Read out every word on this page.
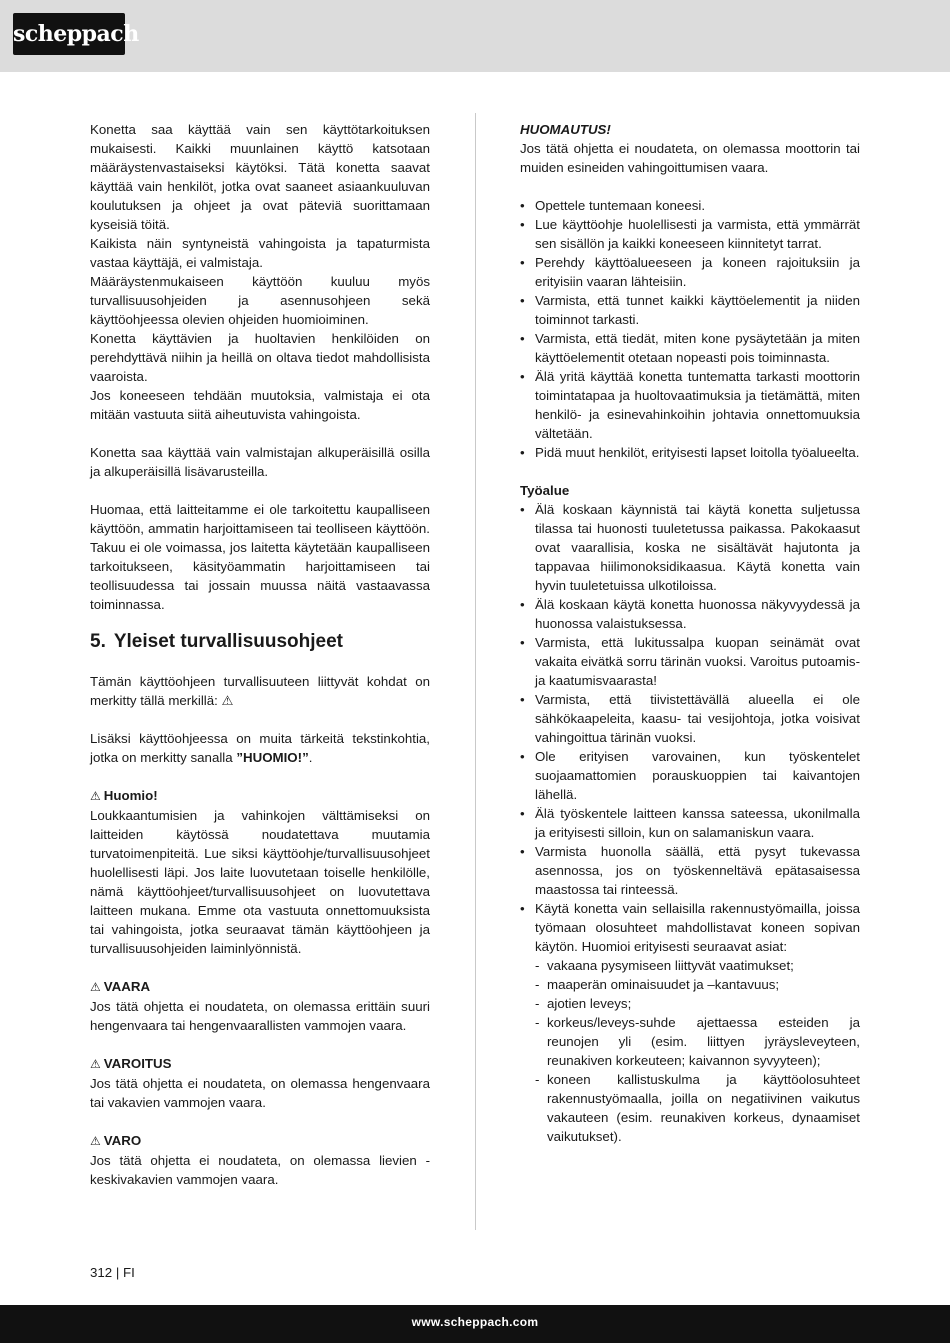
scheppach

Konetta saa käyttää vain sen käyttötarkoituksen mukaisesti. Kaikki muunlainen käyttö katsotaan määräystenvastaiseksi käytöksi. Tätä konetta saavat käyttää vain henkilöt, jotka ovat saaneet asiaankuuluvan koulutuksen ja ohjeet ja ovat päteviä suorittamaan kyseisiä töitä.

Kaikista näin syntyneistä vahingoista ja tapaturmista vastaa käyttäjä, ei valmistaja.

Määräystenmukaiseen käyttöön kuuluu myös turvallisuusohjeiden ja asennusohjeen sekä käyttöohjeessa olevien ohjeiden huomioiminen.

Konetta käyttävien ja huoltavien henkilöiden on perehdyttävä niihin ja heillä on oltava tiedot mahdollisista vaaroista.

Jos koneeseen tehdään muutoksia, valmistaja ei ota mitään vastuuta siitä aiheutuvista vahingoista.

Konetta saa käyttää vain valmistajan alkuperäisillä osilla ja alkuperäisillä lisävarusteilla.

Huomaa, että laitteitamme ei ole tarkoitettu kaupalliseen käyttöön, ammatin harjoittamiseen tai teolliseen käyttöön. Takuu ei ole voimassa, jos laitetta käytetään kaupalliseen tarkoitukseen, käsityöammatin harjoittamiseen tai teollisuudessa tai jossain muussa näitä vastaavassa toiminnassa.

5. Yleiset turvallisuusohjeet

Tämän käyttöohjeen turvallisuuteen liittyvät kohdat on merkitty tällä merkillä: ⚠

Lisäksi käyttöohjeessa on muita tärkeitä tekstinkohtia, jotka on merkitty sanalla ”HUOMIO!”.

⚠ Huomio!

Loukkaantumisien ja vahinkojen välttämiseksi on laitteiden käytössä noudatettava muutamia turvatoimenpiteitä. Lue siksi käyttöohje/turvallisuusohjeet huolellisesti läpi. Jos laite luovutetaan toiselle henkilölle, nämä käyttöohjeet/turvallisuusohjeet on luovutettava laitteen mukana. Emme ota vastuuta onnettomuuksista tai vahingoista, jotka seuraavat tämän käyttöohjeen ja turvallisuusohjeiden laiminlyönnistä.

⚠ VAARA

Jos tätä ohjetta ei noudateta, on olemassa erittäin suuri hengenvaara tai hengenvaarallisten vammojen vaara.

⚠ VAROITUS

Jos tätä ohjetta ei noudateta, on olemassa hengenvaara tai vakavien vammojen vaara.

⚠ VARO

Jos tätä ohjetta ei noudateta, on olemassa lievien - keskivakavien vammojen vaara.

HUOMAUTUS!

Jos tätä ohjetta ei noudateta, on olemassa moottorin tai muiden esineiden vahingoittumisen vaara.

• Opettele tuntemaan koneesi.
• Lue käyttöohje huolellisesti ja varmista, että ymmärrät sen sisällön ja kaikki koneeseen kiinnitetyt tarrat.
• Perehdy käyttöalueeseen ja koneen rajoituksiin ja erityisiin vaaran lähteisiin.
• Varmista, että tunnet kaikki käyttöelementit ja niiden toiminnot tarkasti.
• Varmista, että tiedät, miten kone pysäytetään ja miten käyttöelementit otetaan nopeasti pois toiminnasta.
• Älä yritä käyttää konetta tuntematta tarkasti moottorin toimintatapaa ja huoltovaatimuksia ja tietämättä, miten henkilö- ja esinevahinkoihin johtavia onnettomuuksia vältetään.
• Pidä muut henkilöt, erityisesti lapset loitolla työalueelta.
Työalue
• Älä koskaan käynnistä tai käytä konetta suljetussa tilassa tai huonosti tuuletetussa paikassa. Pakokaasut ovat vaarallisia, koska ne sisältävät hajutonta ja tappavaa hiilimonoksidikaasua. Käytä konetta vain hyvin tuuletetuissa ulkotiloissa.
• Älä koskaan käytä konetta huonossa näkyvyydessä ja huonossa valaistuksessa.
• Varmista, että lukitussalpa kuopan seinämät ovat vakaita eivätkä sorru tärinän vuoksi. Varoitus putoamis- ja kaatumisvaarasta!
• Varmista, että tiivistettävällä alueella ei ole sähkökaapeleita, kaasu- tai vesijohtoja, jotka voisivat vahingoittua tärinän vuoksi.
• Ole erityisen varovainen, kun työskentelet suojaamattomien porauskuoppien tai kaivantojen lähellä.
• Älä työskentele laitteen kanssa sateessa, ukonilmalla ja erityisesti silloin, kun on salamaniskun vaara.
• Varmista huonolla säällä, että pysyt tukevassa asennossa, jos on työskenneltävä epätasaisessa maastossa tai rinteessä.
• Käytä konetta vain sellaisilla rakennustyömailla, joissa työmaan olosuhteet mahdollistavat koneen sopivan käytön. Huomioi erityisesti seuraavat asiat:
- vakaana pysymiseen liittyvät vaatimukset;
- maaperän ominaisuudet ja –kantavuus;
- ajotien leveys;
- korkeus/leveys-suhde ajettaessa esteiden ja reunojen yli (esim. liittyen jyräysleveyteen, reunakiven korkeuteen; kaivannon syvyyteen);
- koneen kallistuskulma ja käyttöolosuhteet rakennustyömaalla, joilla on negatiivinen vaikutus vakauteen (esim. reunakiven korkeus, dynaamiset vaikutukset).
312 | FI
www.scheppach.com
